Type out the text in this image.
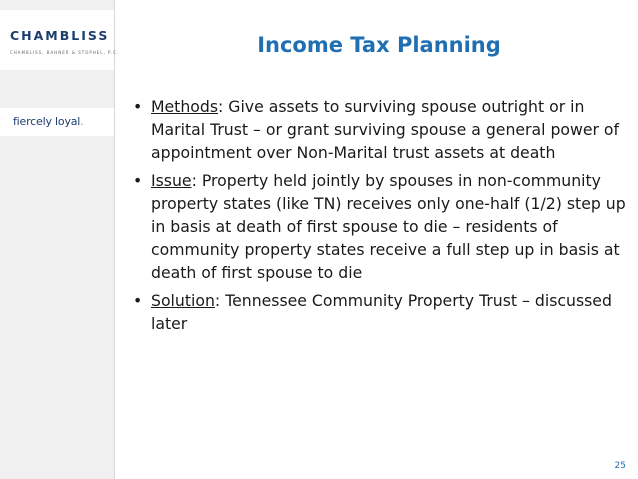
CHAMBLISS
CHAMBLISS, BAHNER & STOPHEL, P.C.
fiercely loyal.
Income Tax Planning
• Methods: Give assets to surviving spouse outright or in Marital Trust – or grant surviving spouse a general power of appointment over Non-Marital trust assets at death
• Issue: Property held jointly by spouses in non-community property states (like TN) receives only one-half (1/2) step up in basis at death of first spouse to die – residents of community property states receive a full step up in basis at death of first spouse to die
• Solution: Tennessee Community Property Trust – discussed later
25
